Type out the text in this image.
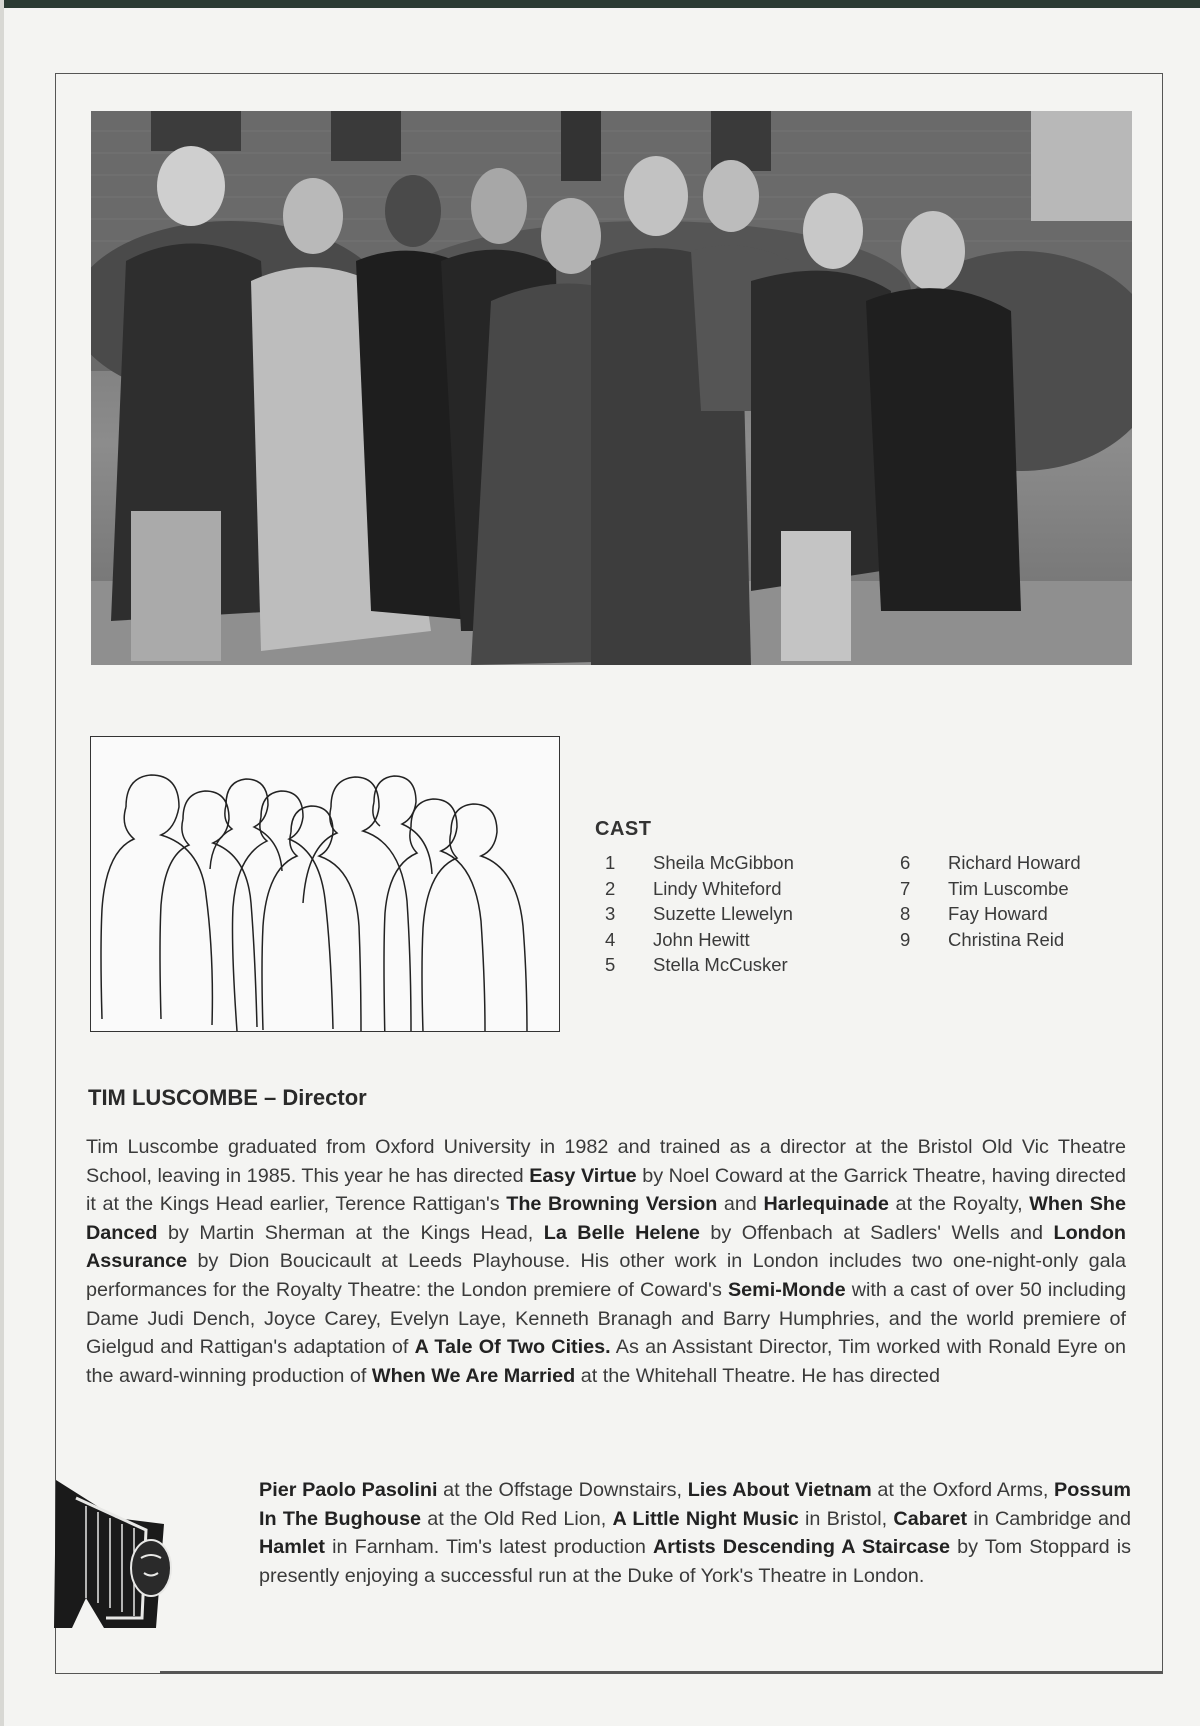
CAST
1 Sheila McGibbon
2 Lindy Whiteford
3 Suzette Llewelyn
4 John Hewitt
5 Stella McCusker
6 Richard Howard
7 Tim Luscombe
8 Fay Howard
9 Christina Reid
TIM LUSCOMBE – Director
Tim Luscombe graduated from Oxford University in 1982 and trained as a director at the Bristol Old Vic Theatre School, leaving in 1985. This year he has directed Easy Virtue by Noel Coward at the Garrick Theatre, having directed it at the Kings Head earlier, Terence Rattigan's The Browning Version and Harlequinade at the Royalty, When She Danced by Martin Sherman at the Kings Head, La Belle Helene by Offenbach at Sadlers' Wells and London Assurance by Dion Boucicault at Leeds Playhouse. His other work in London includes two one-night-only gala performances for the Royalty Theatre: the London premiere of Coward's Semi-Monde with a cast of over 50 including Dame Judi Dench, Joyce Carey, Evelyn Laye, Kenneth Branagh and Barry Humphries, and the world premiere of Gielgud and Rattigan's adaptation of A Tale Of Two Cities. As an Assistant Director, Tim worked with Ronald Eyre on the award-winning production of When We Are Married at the Whitehall Theatre. He has directed
Pier Paolo Pasolini at the Offstage Downstairs, Lies About Vietnam at the Oxford Arms, Possum In The Bughouse at the Old Red Lion, A Little Night Music in Bristol, Cabaret in Cambridge and Hamlet in Farnham. Tim's latest production Artists Descending A Staircase by Tom Stoppard is presently enjoying a successful run at the Duke of York's Theatre in London.
